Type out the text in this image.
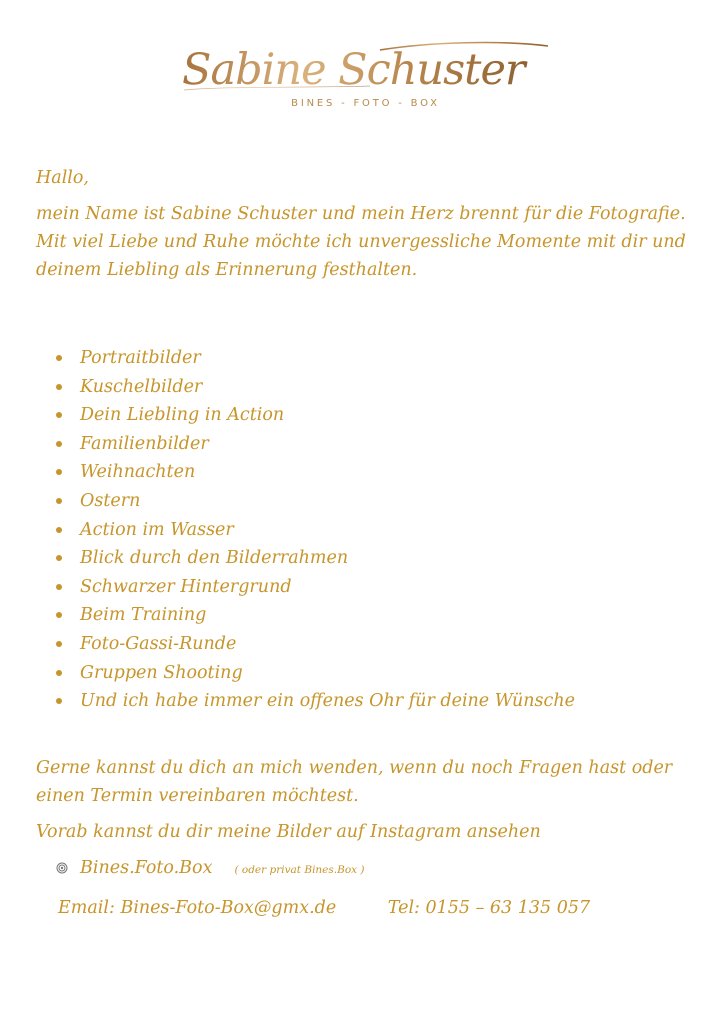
Sabine Schuster
BINES - FOTO - BOX

Hallo,

mein Name ist Sabine Schuster und mein Herz brennt für die Fotografie. Mit viel Liebe und Ruhe möchte ich unvergessliche Momente mit dir und deinem Liebling als Erinnerung festhalten.

Portraitbilder
Kuschelbilder
Dein Liebling in Action
Familienbilder
Weihnachten
Ostern
Action im Wasser
Blick durch den Bilderrahmen
Schwarzer Hintergrund
Beim Training
Foto-Gassi-Runde
Gruppen Shooting
Und ich habe immer ein offenes Ohr für deine Wünsche

Gerne kannst du dich an mich wenden, wenn du noch Fragen hast oder einen Termin vereinbaren möchtest.

Vorab kannst du dir meine Bilder auf Instagram ansehen

Bines.Foto.Box ( oder privat Bines.Box )
Email: Bines-Foto-Box@gmx.de	Tel: 0155 – 63 135 057
